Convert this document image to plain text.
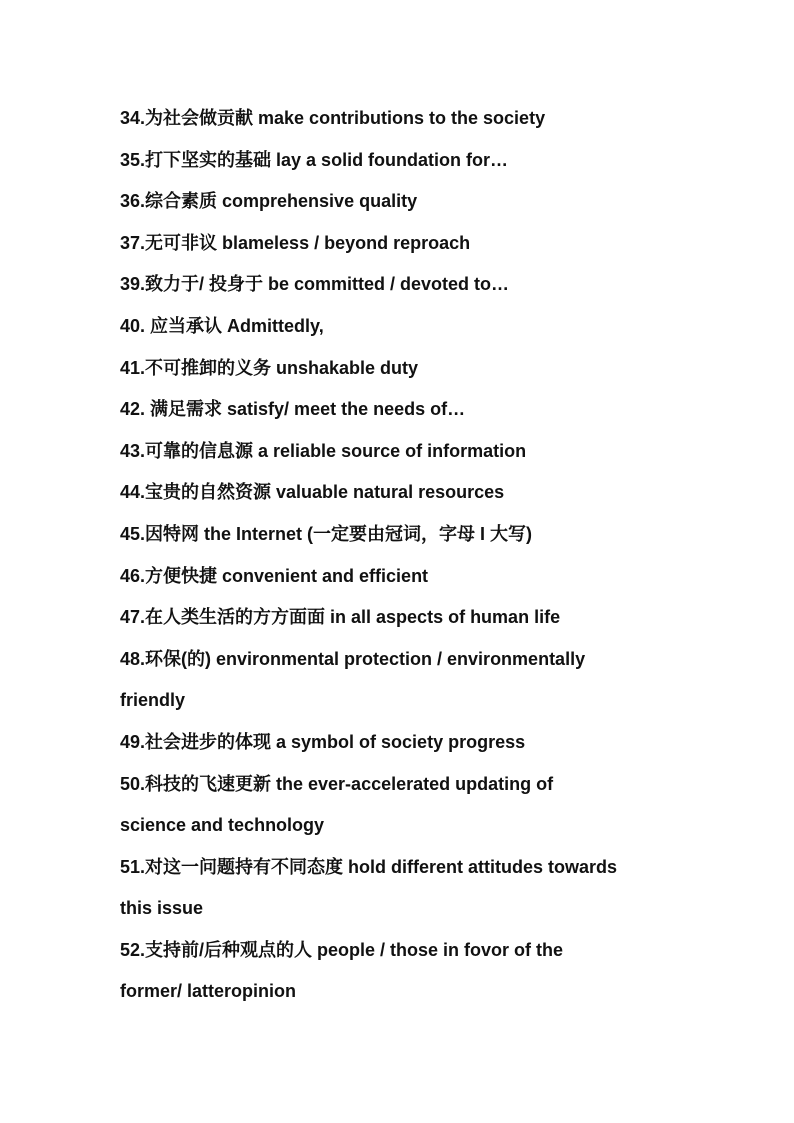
34.为社会做贡献 make contributions to the society
35.打下坚实的基础 lay a solid foundation for…
36.综合素质 comprehensive quality
37.无可非议 blameless / beyond reproach
39.致力于/ 投身于 be committed / devoted to…
40. 应当承认 Admittedly,
41.不可推卸的义务 unshakable duty
42. 满足需求 satisfy/ meet the needs of…
43.可靠的信息源 a reliable source of information
44.宝贵的自然资源 valuable natural resources
45.因特网 the Internet (一定要由冠词，字母 I 大写)
46.方便快捷 convenient and efficient
47.在人类生活的方方面面 in all aspects of human life
48.环保(的) environmental protection / environmentally
friendly
49.社会进步的体现 a symbol of society progress
50.科技的飞速更新 the ever-accelerated updating of
science and technology
51.对这一问题持有不同态度 hold different attitudes towards
this issue
52.支持前/后种观点的人 people / those in fovor of the
former/ latteropinion
